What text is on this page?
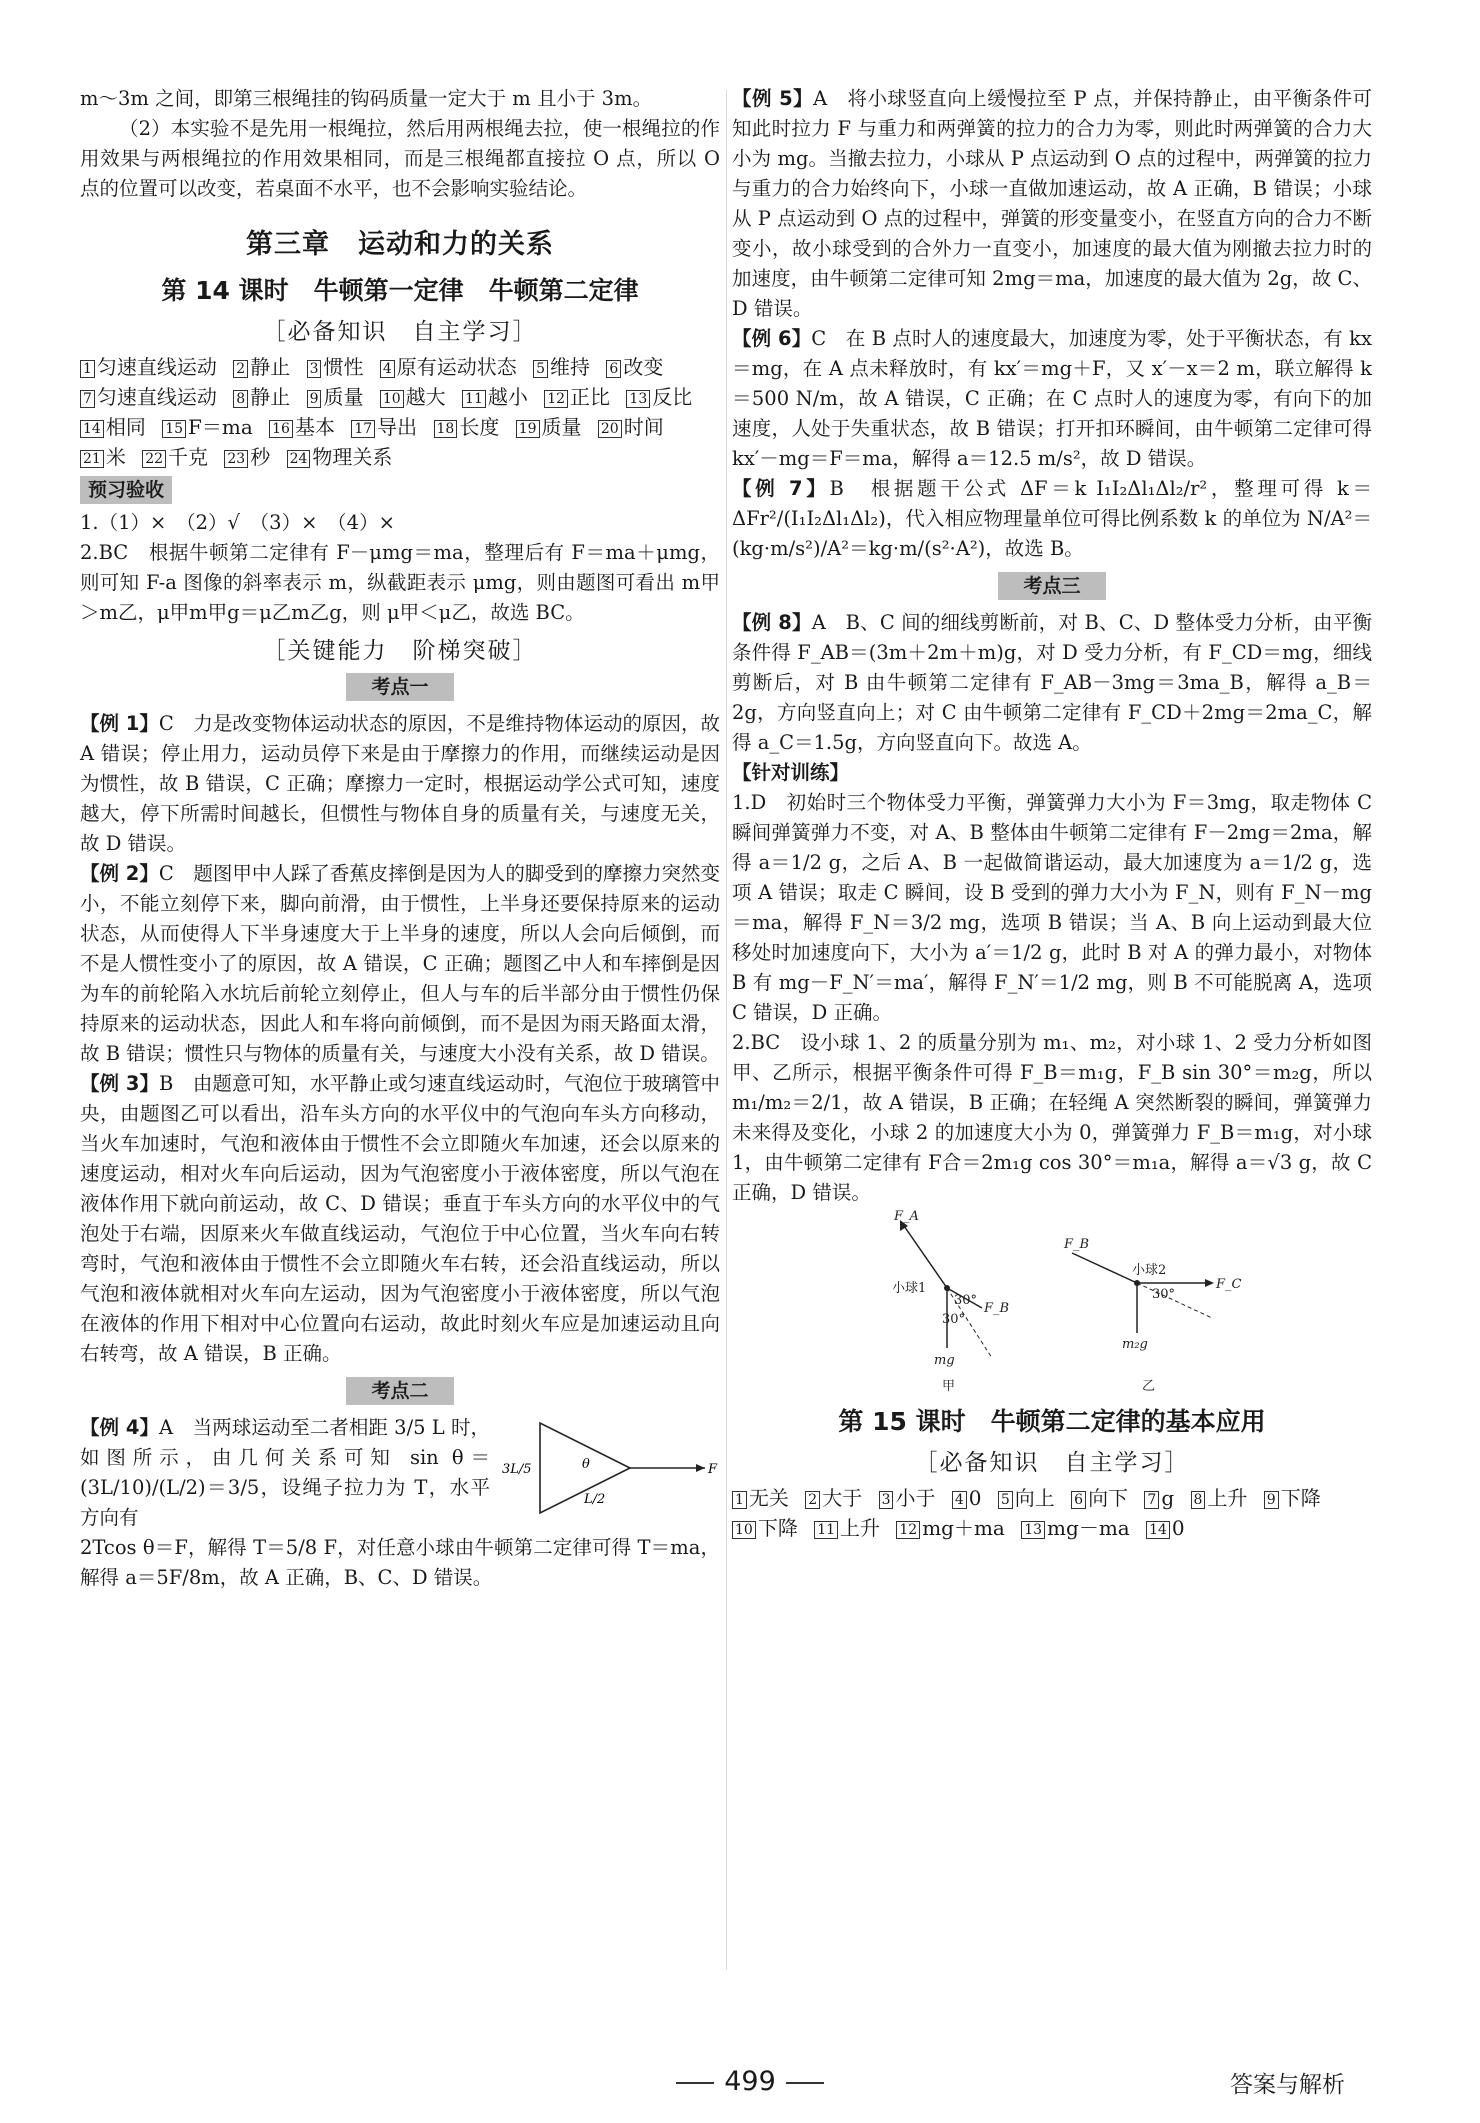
m～3m 之间，即第三根绳挂的钩码质量一定大于 m 且小于 3m。

（2）本实验不是先用一根绳拉，然后用两根绳去拉，使一根绳拉的作用效果与两根绳拉的作用效果相同，而是三根绳都直接拉 O 点，所以 O 点的位置可以改变，若桌面不水平，也不会影响实验结论。

第三章　运动和力的关系
第 14 课时　牛顿第一定律　牛顿第二定律
［必备知识　自主学习］
1 匀速直线运动 2 静止 3 惯性 4 原有运动状态 5 维持 6 改变 7 匀速直线运动 8 静止 9 质量 10 越大 11 越小 12 正比 13 反比 14 相同 15 F＝ma 16 基本 17 导出 18 长度 19 质量 20 时间 21 米 22 千克 23 秒 24 物理关系
预习验收

1.（1）×　（2）√　（3）×　（4）×

2.BC　根据牛顿第二定律有 F－μmg＝ma，整理后有 F＝ma＋μmg，则可知 F-a 图像的斜率表示 m，纵截距表示 μmg，则由题图可看出 m甲＞m乙，μ甲m甲g＝μ乙m乙g，则 μ甲＜μ乙，故选 BC。

［关键能力　阶梯突破］
考点一

【例 1】C　力是改变物体运动状态的原因，不是维持物体运动的原因，故 A 错误；停止用力，运动员停下来是由于摩擦力的作用，而继续运动是因为惯性，故 B 错误，C 正确；摩擦力一定时，根据运动学公式可知，速度越大，停下所需时间越长，但惯性与物体自身的质量有关，与速度无关，故 D 错误。

【例 2】C　题图甲中人踩了香蕉皮摔倒是因为人的脚受到的摩擦力突然变小，不能立刻停下来，脚向前滑，由于惯性，上半身还要保持原来的运动状态，从而使得人下半身速度大于上半身的速度，所以人会向后倾倒，而不是人惯性变小了的原因，故 A 错误，C 正确；题图乙中人和车摔倒是因为车的前轮陷入水坑后前轮立刻停止，但人与车的后半部分由于惯性仍保持原来的运动状态，因此人和车将向前倾倒，而不是因为雨天路面太滑，故 B 错误；惯性只与物体的质量有关，与速度大小没有关系，故 D 错误。

【例 3】B　由题意可知，水平静止或匀速直线运动时，气泡位于玻璃管中央，由题图乙可以看出，沿车头方向的水平仪中的气泡向车头方向移动，当火车加速时，气泡和液体由于惯性不会立即随火车加速，还会以原来的速度运动，相对火车向后运动，因为气泡密度小于液体密度，所以气泡在液体作用下就向前运动，故 C、D 错误；垂直于车头方向的水平仪中的气泡处于右端，因原来火车做直线运动，气泡位于中心位置，当火车向右转弯时，气泡和液体由于惯性不会立即随火车右转，还会沿直线运动，所以气泡和液体就相对火车向左运动，因为气泡密度小于液体密度，所以气泡在液体的作用下相对中心位置向右运动，故此时刻火车应是加速运动且向右转弯，故 A 错误，B 正确。

考点二
3L/5	θ
L/2
F

【例 4】A　当两球运动至二者相距 3/5 L 时，如图所示，由几何关系可知 sin θ＝(3L/10)/(L/2)＝3/5，设绳子拉力为 T，水平方向有

2Tcos θ＝F，解得 T＝5/8 F，对任意小球由牛顿第二定律可得 T＝ma，解得 a＝5F/8m，故 A 正确，B、C、D 错误。

【例 5】A　将小球竖直向上缓慢拉至 P 点，并保持静止，由平衡条件可知此时拉力 F 与重力和两弹簧的拉力的合力为零，则此时两弹簧的合力大小为 mg。当撤去拉力，小球从 P 点运动到 O 点的过程中，两弹簧的拉力与重力的合力始终向下，小球一直做加速运动，故 A 正确，B 错误；小球从 P 点运动到 O 点的过程中，弹簧的形变量变小，在竖直方向的合力不断变小，故小球受到的合外力一直变小，加速度的最大值为刚撤去拉力时的加速度，由牛顿第二定律可知 2mg＝ma，加速度的最大值为 2g，故 C、D 错误。

【例 6】C　在 B 点时人的速度最大，加速度为零，处于平衡状态，有 kx＝mg，在 A 点未释放时，有 kx′＝mg＋F，又 x′－x＝2 m，联立解得 k＝500 N/m，故 A 错误，C 正确；在 C 点时人的速度为零，有向下的加速度，人处于失重状态，故 B 错误；打开扣环瞬间，由牛顿第二定律可得 kx′－mg＝F＝ma，解得 a＝12.5 m/s²，故 D 错误。

【例 7】B　根据题干公式 ΔF＝k I₁I₂Δl₁Δl₂/r²，整理可得 k＝ΔFr²/(I₁I₂Δl₁Δl₂)，代入相应物理量单位可得比例系数 k 的单位为 N/A²＝(kg·m/s²)/A²＝kg·m/(s²·A²)，故选 B。

考点三

【例 8】A　B、C 间的细线剪断前，对 B、C、D 整体受力分析，由平衡条件得 F_AB＝(3m＋2m＋m)g，对 D 受力分析，有 F_CD＝mg，细线剪断后，对 B 由牛顿第二定律有 F_AB－3mg＝3ma_B，解得 a_B＝2g，方向竖直向上；对 C 由牛顿第二定律有 F_CD＋2mg＝2ma_C，解得 a_C＝1.5g，方向竖直向下。故选 A。

【针对训练】

1.D　初始时三个物体受力平衡，弹簧弹力大小为 F＝3mg，取走物体 C 瞬间弹簧弹力不变，对 A、B 整体由牛顿第二定律有 F－2mg＝2ma，解得 a＝1/2 g，之后 A、B 一起做简谐运动，最大加速度为 a＝1/2 g，选项 A 错误；取走 C 瞬间，设 B 受到的弹力大小为 F_N，则有 F_N－mg＝ma，解得 F_N＝3/2 mg，选项 B 错误；当 A、B 向上运动到最大位移处时加速度向下，大小为 a′＝1/2 g，此时 B 对 A 的弹力最小，对物体 B 有 mg－F_N′＝ma′，解得 F_N′＝1/2 mg，则 B 不可能脱离 A，选项 C 错误，D 正确。

2.BC　设小球 1、2 的质量分别为 m₁、m₂，对小球 1、2 受力分析如图甲、乙所示，根据平衡条件可得 F_B＝m₁g，F_B sin 30°＝m₂g，所以 m₁/m₂＝2/1，故 A 错误，B 正确；在轻绳 A 突然断裂的瞬间，弹簧弹力未来得及变化，小球 2 的加速度大小为 0，弹簧弹力 F_B＝m₁g，对小球 1，由牛顿第二定律有 F合＝2m₁g cos 30°＝m₁a，解得 a＝√3 g，故 C 正确，D 错误。

F_A
F_B
小球1
30°
30°
mg
甲
F_B
小球2
30°
F_C
m₂g
乙
第 15 课时　牛顿第二定律的基本应用
［必备知识　自主学习］
1 无关 2 大于 3 小于 4 0 5 向上 6 向下 7 g 8 上升 9 下降 10 下降 11 上升 12 mg＋ma 13 mg－ma 14 0
499	答案与解析
